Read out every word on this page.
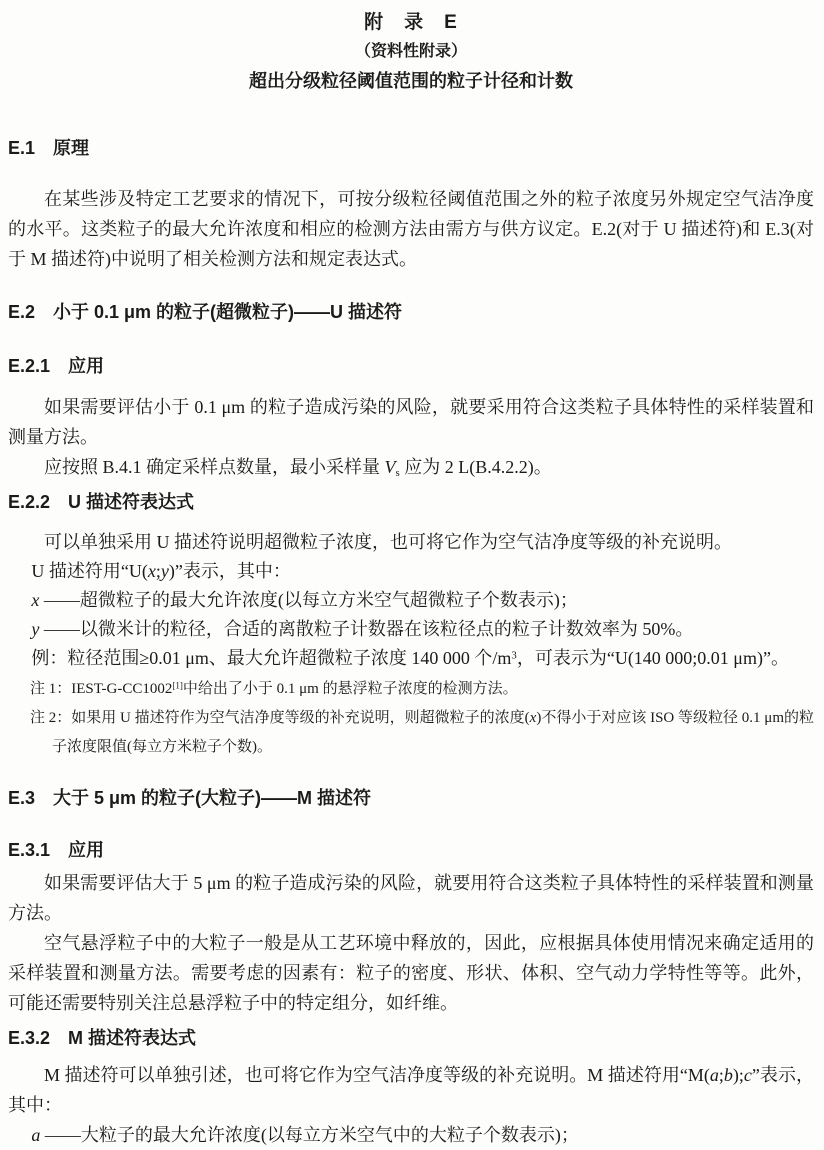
附　录　E
（资料性附录）
超出分级粒径阈值范围的粒子计径和计数
E.1　原理

在某些涉及特定工艺要求的情况下，可按分级粒径阈值范围之外的粒子浓度另外规定空气洁净度的水平。这类粒子的最大允许浓度和相应的检测方法由需方与供方议定。E.2(对于 U 描述符)和 E.3(对于 M 描述符)中说明了相关检测方法和规定表达式。

E.2　小于 0.1 μm 的粒子(超微粒子)——U 描述符
E.2.1　应用

如果需要评估小于 0.1 μm 的粒子造成污染的风险，就要采用符合这类粒子具体特性的采样装置和测量方法。

应按照 B.4.1 确定采样点数量，最小采样量 $V_s$ 应为 2 L(B.4.2.2)。

E.2.2　U 描述符表达式

可以单独采用 U 描述符说明超微粒子浓度，也可将它作为空气洁净度等级的补充说明。

U 描述符用“U(x;y)”表示，其中：

x ——超微粒子的最大允许浓度(以每立方米空气超微粒子个数表示)；

y ——以微米计的粒径，合适的离散粒子计数器在该粒径点的粒子计数效率为 50%。

例：粒径范围≥0.01 μm、最大允许超微粒子浓度 140 000 个$/m^3$，可表示为“U(140 000;0.01 μm)”。

注 1：IEST-G-CC1002[1]中给出了小于 0.1 μm 的悬浮粒子浓度的检测方法。

注 2：如果用 U 描述符作为空气洁净度等级的补充说明，则超微粒子的浓度(x)不得小于对应该 ISO 等级粒径 0.1 μm的粒子浓度限值(每立方米粒子个数)。

E.3　大于 5 μm 的粒子(大粒子)——M 描述符
E.3.1　应用

如果需要评估大于 5 μm 的粒子造成污染的风险，就要用符合这类粒子具体特性的采样装置和测量方法。

空气悬浮粒子中的大粒子一般是从工艺环境中释放的，因此，应根据具体使用情况来确定适用的采样装置和测量方法。需要考虑的因素有：粒子的密度、形状、体积、空气动力学特性等等。此外，可能还需要特别关注总悬浮粒子中的特定组分，如纤维。

E.3.2　M 描述符表达式

M 描述符可以单独引述，也可将它作为空气洁净度等级的补充说明。M 描述符用“M(a;b);c”表示，其中：

a ——大粒子的最大允许浓度(以每立方米空气中的大粒子个数表示)；
